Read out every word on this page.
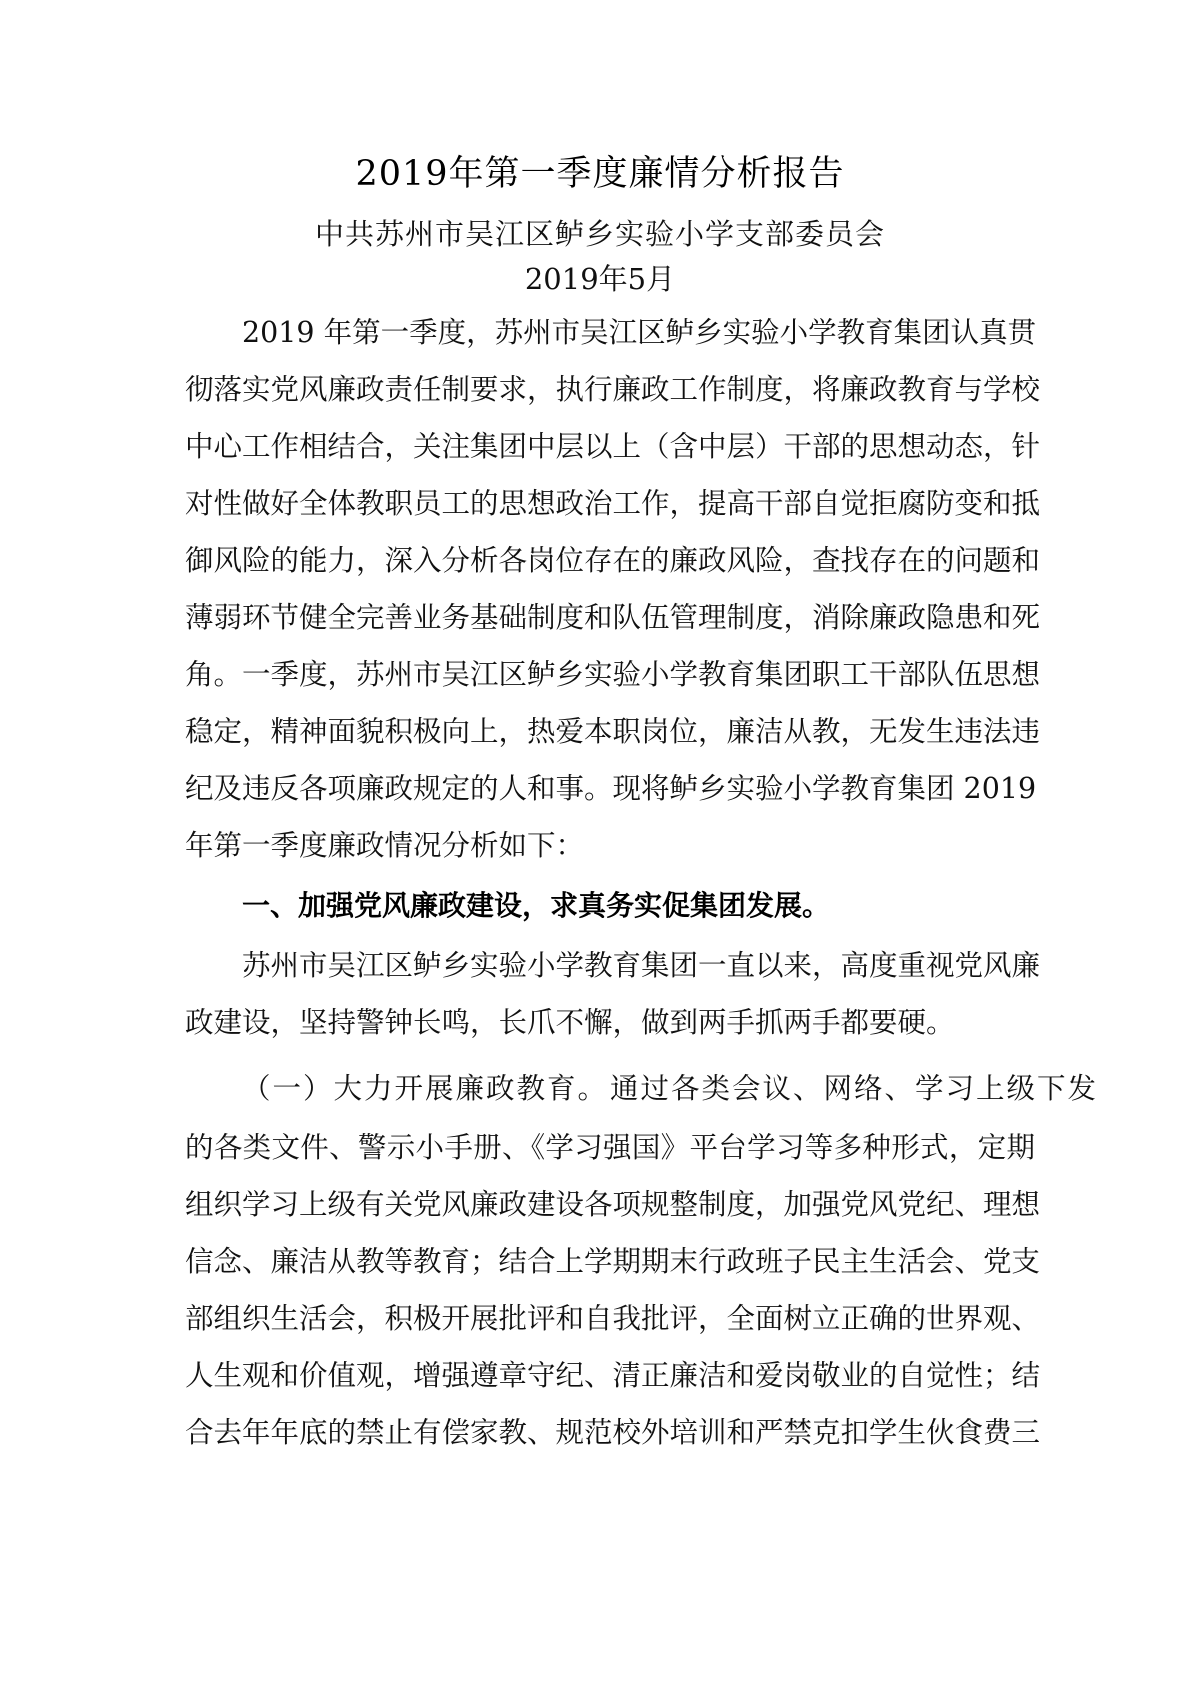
2019年第一季度廉情分析报告
中共苏州市吴江区鲈乡实验小学支部委员会
2019年5月
2019 年第一季度，苏州市吴江区鲈乡实验小学教育集团认真贯
彻落实党风廉政责任制要求，执行廉政工作制度，将廉政教育与学校
中心工作相结合，关注集团中层以上（含中层）干部的思想动态，针
对性做好全体教职员工的思想政治工作，提高干部自觉拒腐防变和抵
御风险的能力，深入分析各岗位存在的廉政风险，查找存在的问题和
薄弱环节健全完善业务基础制度和队伍管理制度，消除廉政隐患和死
角。一季度，苏州市吴江区鲈乡实验小学教育集团职工干部队伍思想
稳定，精神面貌积极向上，热爱本职岗位，廉洁从教，无发生违法违
纪及违反各项廉政规定的人和事。现将鲈乡实验小学教育集团 2019
年第一季度廉政情况分析如下：
一、加强党风廉政建设，求真务实促集团发展。
苏州市吴江区鲈乡实验小学教育集团一直以来，高度重视党风廉
政建设，坚持警钟长鸣，长爪不懈，做到两手抓两手都要硬。
（一）大力开展廉政教育。通过各类会议、网络、学习上级下发
的各类文件、警示小手册、《学习强国》平台学习等多种形式，定期
组织学习上级有关党风廉政建设各项规整制度，加强党风党纪、理想
信念、廉洁从教等教育；结合上学期期末行政班子民主生活会、党支
部组织生活会，积极开展批评和自我批评，全面树立正确的世界观、
人生观和价值观，增强遵章守纪、清正廉洁和爱岗敬业的自觉性；结
合去年年底的禁止有偿家教、规范校外培训和严禁克扣学生伙食费三
